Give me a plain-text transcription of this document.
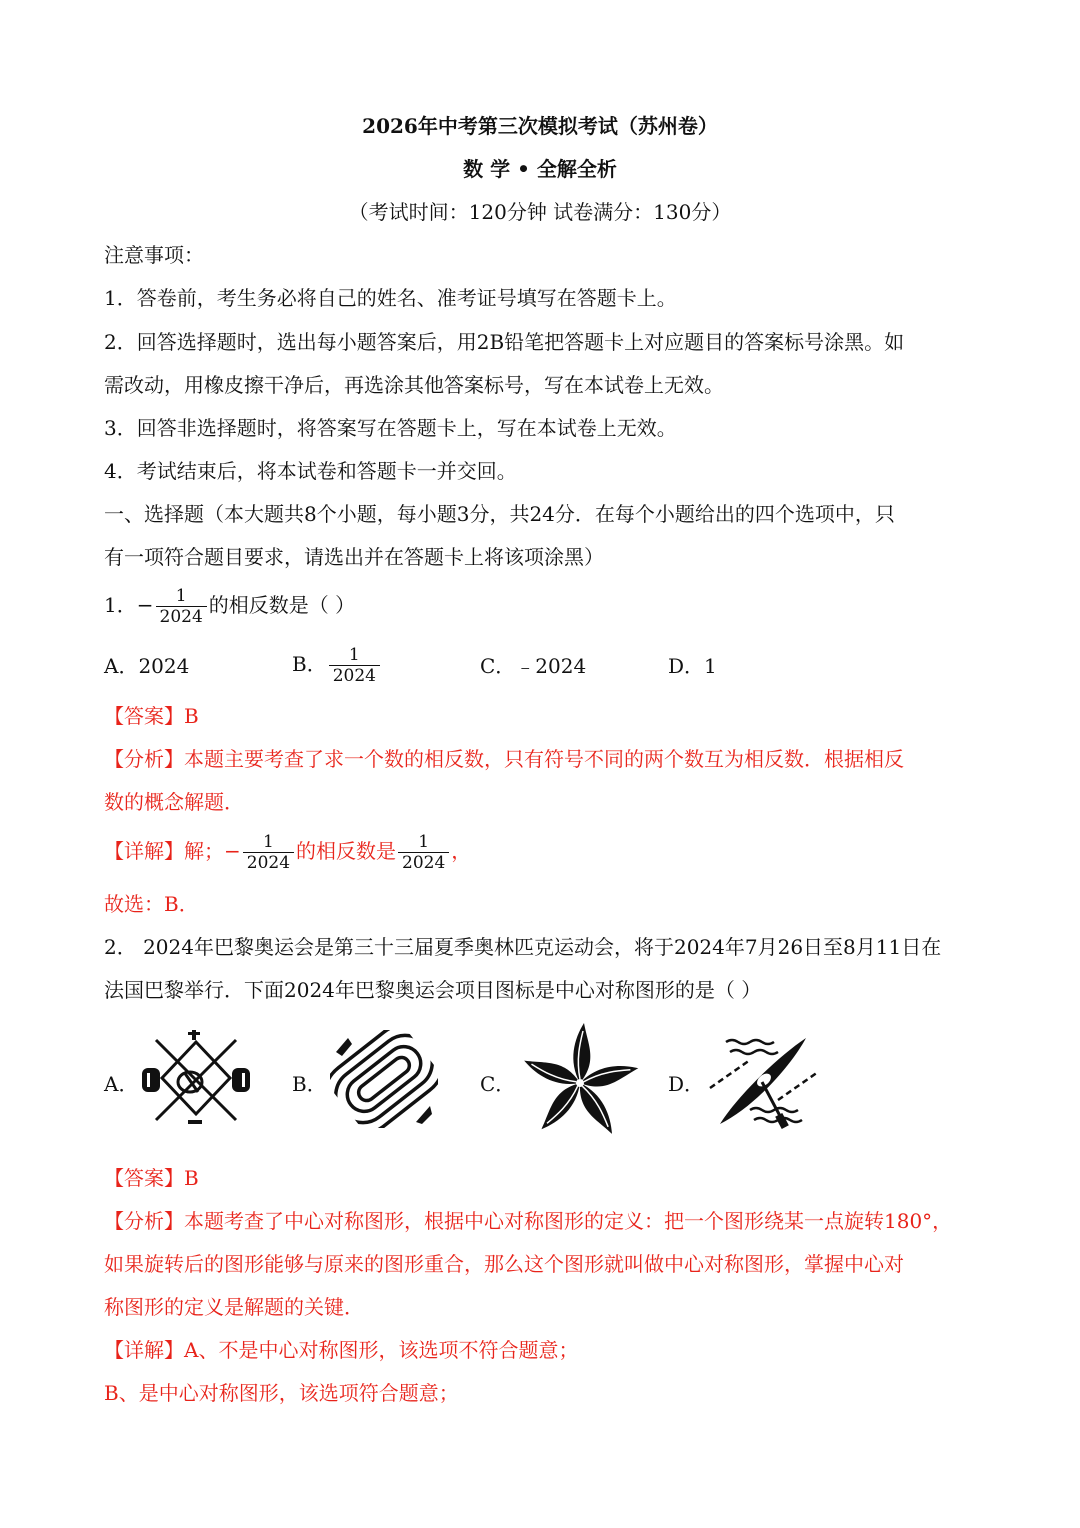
2026年中考第三次模拟考试（苏州卷）
数 学 • 全解全析
（考试时间：120分钟 试卷满分：130分）
注意事项：
1．答卷前，考生务必将自己的姓名、准考证号填写在答题卡上。
2．回答选择题时，选出每小题答案后，用2B铅笔把答题卡上对应题目的答案标号涂黑。如
需改动，用橡皮擦干净后，再选涂其他答案标号，写在本试卷上无效。
3．回答非选择题时，将答案写在答题卡上，写在本试卷上无效。
4．考试结束后，将本试卷和答题卡一并交回。
一、选择题（本大题共8个小题，每小题3分，共24分．在每个小题给出的四个选项中，只
有一项符合题目要求，请选出并在答题卡上将该项涂黑）
1．− $\frac{1}{2024}$ 的相反数是（ ）
A．2024	B． $\frac{1}{2024}$	C．﹣2024	D．1
【答案】B
【分析】本题主要考查了求一个数的相反数，只有符号不同的两个数互为相反数．根据相反
数的概念解题．
【详解】解；− $\frac{1}{2024}$ 的相反数是 $\frac{1}{2024}$ ，
故选：B．
2． 2024年巴黎奥运会是第三十三届夏季奥林匹克运动会，将于2024年7月26日至8月11日在
法国巴黎举行．下面2024年巴黎奥运会项目图标是中心对称图形的是（ ）
A．	B．	C．	D．
【答案】B
【分析】本题考查了中心对称图形，根据中心对称图形的定义：把一个图形绕某一点旋转180°，
如果旋转后的图形能够与原来的图形重合，那么这个图形就叫做中心对称图形，掌握中心对
称图形的定义是解题的关键．
【详解】A、不是中心对称图形，该选项不符合题意；
B、是中心对称图形，该选项符合题意；
